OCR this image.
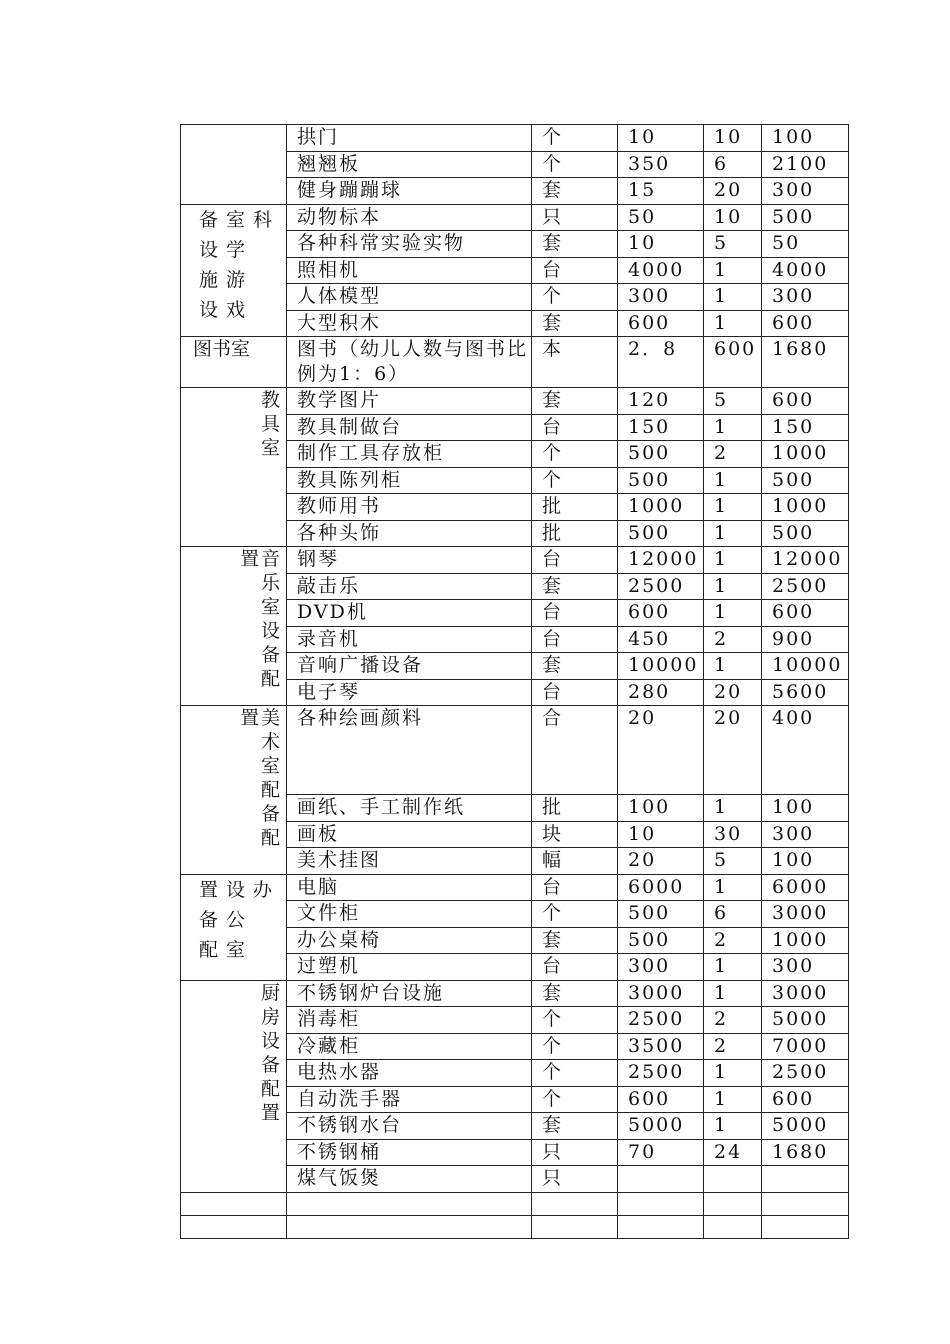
	拱门	个	10	10	100
	翘翘板	个	350	6	2100
	健身蹦蹦球	套	15	20	300
备室科
设学
施游
设戏	动物标本	只	50	10	500
	各种科常实验实物	套	10	5	50
	照相机	台	4000	1	4000
	人体模型	个	300	1	300
	大型积木	套	600	1	600
图书室	图书（幼儿人数与图书比例为1：6）	本	2．8	600	1680
教具室	教学图片	套	120	5	600
	教具制做台	台	150	1	150
	制作工具存放柜	个	500	2	1000
	教具陈列柜	个	500	1	500
	教师用书	批	1000	1	1000
	各种头饰	批	500	1	500
置音乐室设备配	钢琴	台	12000	1	12000
	敲击乐	套	2500	1	2500
	DVD机	台	600	1	600
	录音机	台	450	2	900
	音响广播设备	套	10000	1	10000
	电子琴	台	280	20	5600
置美术室配备配	各种绘画颜料	合	20	20	400
	画纸、手工制作纸	批	100	1	100
	画板	块	10	30	300
	美术挂图	幅	20	5	100
置设办
备公
配室	电脑	台	6000	1	6000
	文件柜	个	500	6	3000
	办公桌椅	套	500	2	1000
	过塑机	台	300	1	300
厨房设备配置	不锈钢炉台设施	套	3000	1	3000
	消毒柜	个	2500	2	5000
	冷藏柜	个	3500	2	7000
	电热水器	个	2500	1	2500
	自动洗手器	个	600	1	600
	不锈钢水台	套	5000	1	5000
	不锈钢桶	只	70	24	1680
	煤气饭煲	只			
